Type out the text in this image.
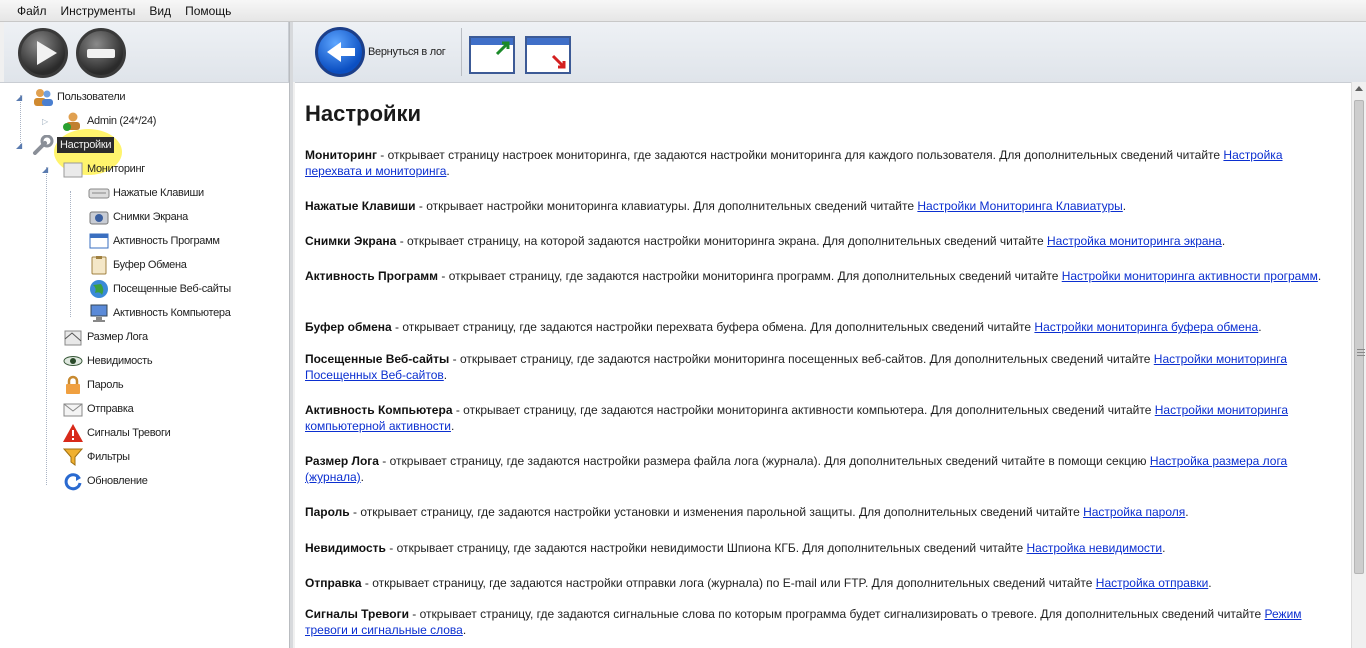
Файл Инструменты Вид Помощь
Вернуться в лог
◢	Пользователи
▷	Admin (24*/24)
◢	Настройки
◢	Мониторинг
Нажатые Клавиши
Снимки Экрана
Активность Программ
Буфер Обмена
Посещенные Веб-сайты
Активность Компьютера
Размер Лога
Невидимость
Пароль
Отправка
Сигналы Тревоги
Фильтры
Обновление
Настройки
Мониторинг - открывает страницу настроек мониторинга, где задаются настройки мониторинга для каждого пользователя. Для дополнительных сведений читайте Настройка перехвата и мониторинга.
Нажатые Клавиши - открывает настройки мониторинга клавиатуры. Для дополнительных сведений читайте Настройки Мониторинга Клавиатуры.
Снимки Экрана - открывает страницу, на которой задаются настройки мониторинга экрана. Для дополнительных сведений читайте Настройка мониторинга экрана.
Активность Программ - открывает страницу, где задаются настройки мониторинга программ. Для дополнительных сведений читайте Настройки мониторинга активности программ.
Буфер обмена - открывает страницу, где задаются настройки перехвата буфера обмена. Для дополнительных сведений читайте Настройки мониторинга буфера обмена.
Посещенные Веб-сайты - открывает страницу, где задаются настройки мониторинга посещенных веб-сайтов. Для дополнительных сведений читайте Настройки мониторинга Посещенных Веб-сайтов.
Активность Компьютера - открывает страницу, где задаются настройки мониторинга активности компьютера. Для дополнительных сведений читайте Настройки мониторинга компьютерной активности.
Размер Лога - открывает страницу, где задаются настройки размера файла лога (журнала). Для дополнительных сведений читайте в помощи секцию Настройка размера лога (журнала).
Пароль - открывает страницу, где задаются настройки установки и изменения парольной защиты. Для дополнительных сведений читайте Настройка пароля.
Невидимость - открывает страницу, где задаются настройки невидимости Шпиона КГБ. Для дополнительных сведений читайте Настройка невидимости.
Отправка - открывает страницу, где задаются настройки отправки лога (журнала) по E-mail или FTP. Для дополнительных сведений читайте Настройка отправки.
Сигналы Тревоги - открывает страницу, где задаются сигнальные слова по которым программа будет сигнализировать о тревоге. Для дополнительных сведений читайте Режим тревоги и сигнальные слова.
